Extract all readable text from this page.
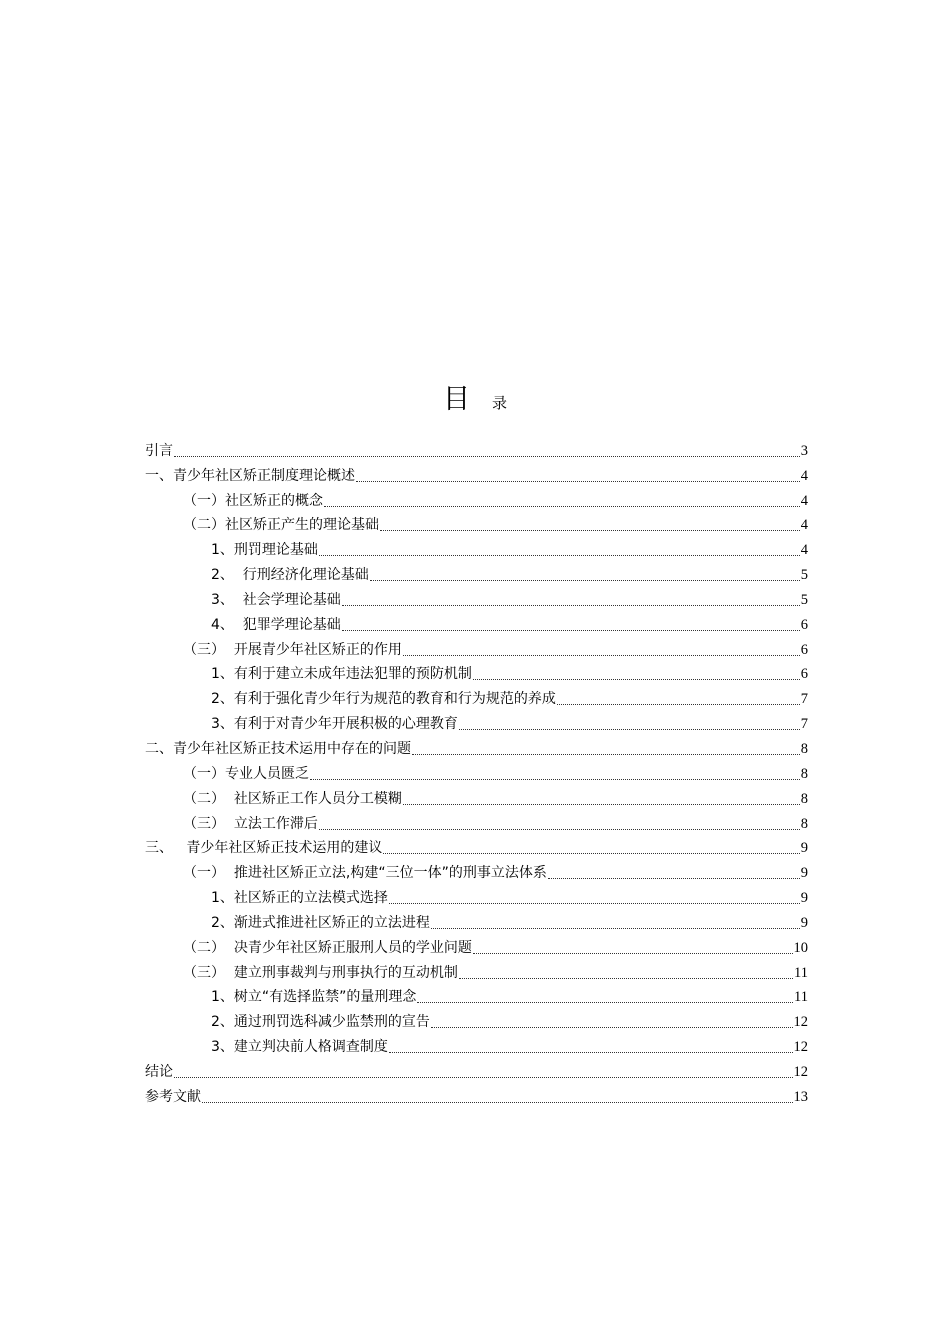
目 录
引言	3
一、青少年社区矫正制度理论概述	4
（一）社区矫正的概念	4
（二）社区矫正产生的理论基础	4
1、刑罚理论基础	4
2、  行刑经济化理论基础	5
3、  社会学理论基础	5
4、  犯罪学理论基础	6
（三）  开展青少年社区矫正的作用	6
1、有利于建立未成年违法犯罪的预防机制	6
2、有利于强化青少年行为规范的教育和行为规范的养成	7
3、有利于对青少年开展积极的心理教育	7
二、青少年社区矫正技术运用中存在的问题	8
（一）专业人员匮乏	8
（二）  社区矫正工作人员分工模糊	8
（三）  立法工作滞后	8
三、   青少年社区矫正技术运用的建议	9
（一）  推进社区矫正立法,构建“三位一体”的刑事立法体系	9
1、社区矫正的立法模式选择	9
2、渐进式推进社区矫正的立法进程	9
（二）  决青少年社区矫正服刑人员的学业问题	10
（三）  建立刑事裁判与刑事执行的互动机制	11
1、树立“有选择监禁”的量刑理念	11
2、通过刑罚选科减少监禁刑的宣告	12
3、建立判决前人格调查制度	12
结论	12
参考文献	13
